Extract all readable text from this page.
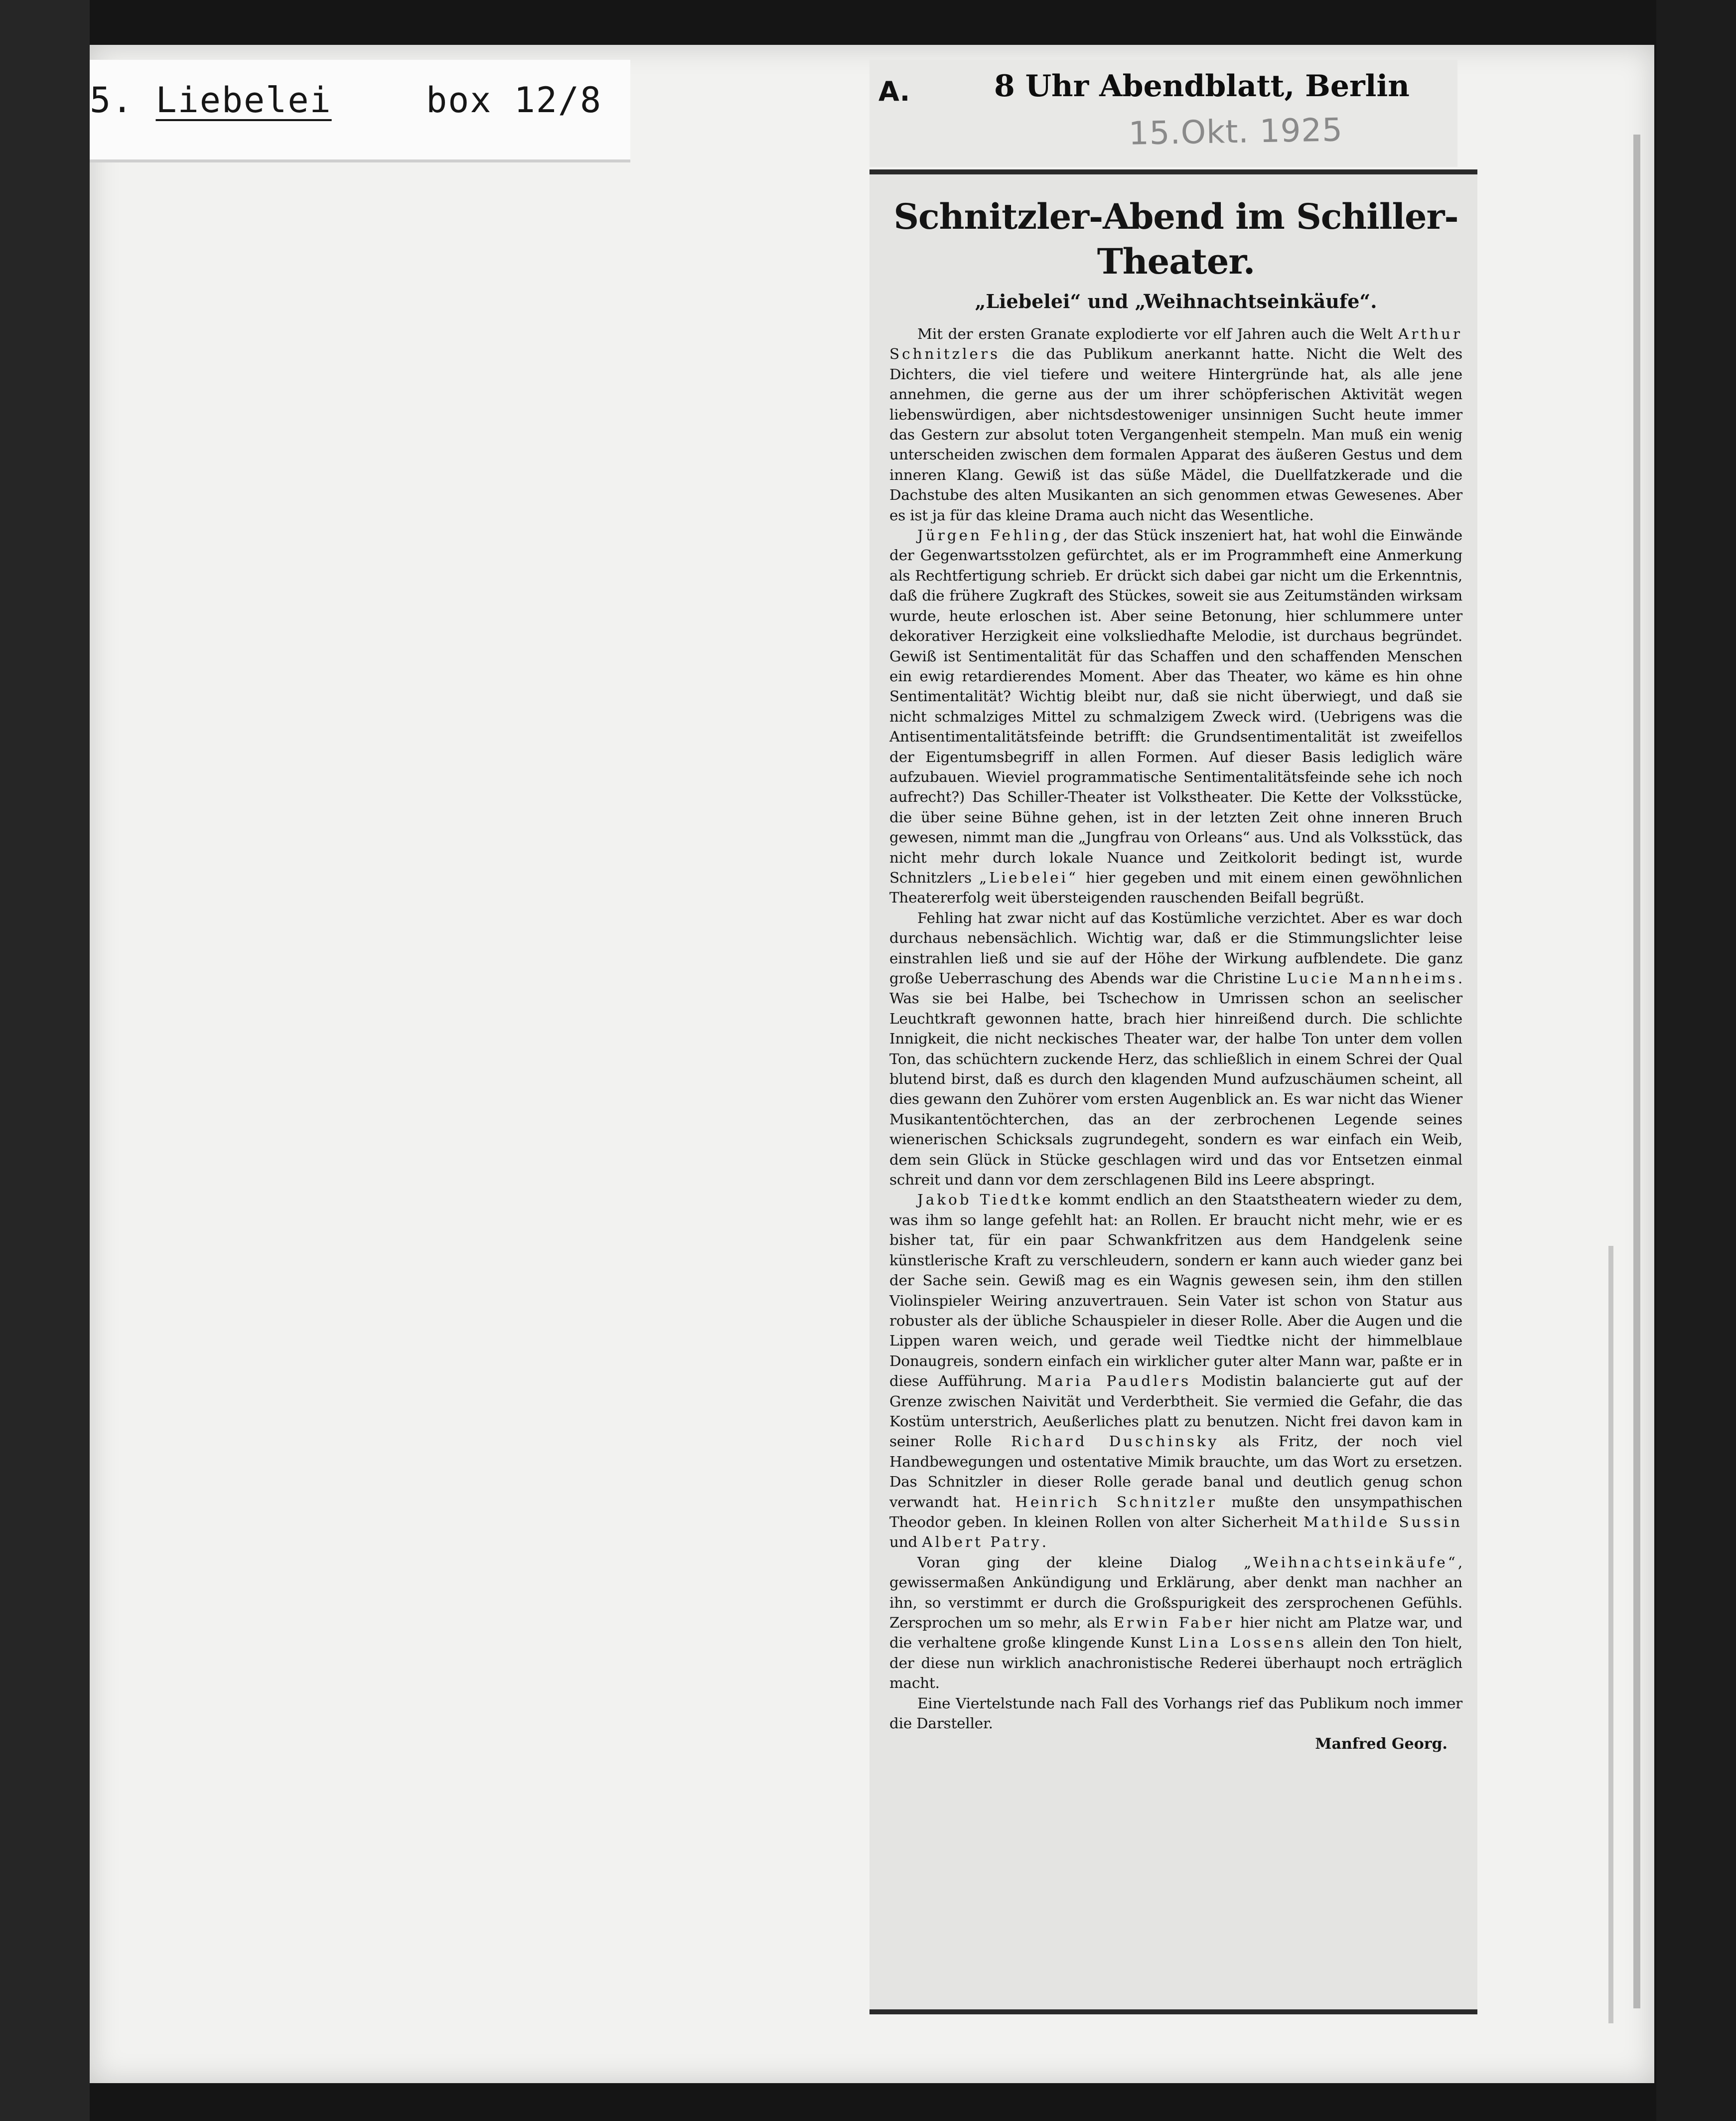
5. Liebelei	box 12/8	A.	8 Uhr Abendblatt, Berlin
15.Okt. 1925
Schnitzler-Abend im Schiller-Theater.
„Liebelei“ und „Weihnachtseinkäufe“.

Mit der ersten Granate explodierte vor elf Jahren auch die Welt Arthur Schnitzlers die das Publikum anerkannt hatte. Nicht die Welt des Dichters, die viel tiefere und weitere Hintergründe hat, als alle jene annehmen, die gerne aus der um ihrer schöpferischen Aktivität wegen liebenswürdigen, aber nichtsdestoweniger unsinnigen Sucht heute immer das Gestern zur absolut toten Vergangenheit stempeln. Man muß ein wenig unterscheiden zwischen dem formalen Apparat des äußeren Gestus und dem inneren Klang. Gewiß ist das süße Mädel, die Duellfatzkerade und die Dachstube des alten Musikanten an sich genommen etwas Gewesenes. Aber es ist ja für das kleine Drama auch nicht das Wesentliche.

Jürgen Fehling, der das Stück inszeniert hat, hat wohl die Einwände der Gegenwartsstolzen gefürchtet, als er im Programmheft eine Anmerkung als Rechtfertigung schrieb. Er drückt sich dabei gar nicht um die Erkenntnis, daß die frühere Zugkraft des Stückes, soweit sie aus Zeitumständen wirksam wurde, heute erloschen ist. Aber seine Betonung, hier schlummere unter dekorativer Herzigkeit eine volksliedhafte Melodie, ist durchaus begründet. Gewiß ist Sentimentalität für das Schaffen und den schaffenden Menschen ein ewig retardierendes Moment. Aber das Theater, wo käme es hin ohne Sentimentalität? Wichtig bleibt nur, daß sie nicht überwiegt, und daß sie nicht schmalziges Mittel zu schmalzigem Zweck wird. (Uebrigens was die Antisentimentalitätsfeinde betrifft: die Grundsentimentalität ist zweifellos der Eigentumsbegriff in allen Formen. Auf dieser Basis lediglich wäre aufzubauen. Wieviel programmatische Sentimentalitätsfeinde sehe ich noch aufrecht?) Das Schiller-Theater ist Volkstheater. Die Kette der Volksstücke, die über seine Bühne gehen, ist in der letzten Zeit ohne inneren Bruch gewesen, nimmt man die „Jungfrau von Orleans“ aus. Und als Volksstück, das nicht mehr durch lokale Nuance und Zeitkolorit bedingt ist, wurde Schnitzlers „Liebelei“ hier gegeben und mit einem einen gewöhnlichen Theatererfolg weit übersteigenden rauschenden Beifall begrüßt.

Fehling hat zwar nicht auf das Kostümliche verzichtet. Aber es war doch durchaus nebensächlich. Wichtig war, daß er die Stimmungslichter leise einstrahlen ließ und sie auf der Höhe der Wirkung aufblendete. Die ganz große Ueberraschung des Abends war die Christine Lucie Mannheims. Was sie bei Halbe, bei Tschechow in Umrissen schon an seelischer Leuchtkraft gewonnen hatte, brach hier hinreißend durch. Die schlichte Innigkeit, die nicht neckisches Theater war, der halbe Ton unter dem vollen Ton, das schüchtern zuckende Herz, das schließlich in einem Schrei der Qual blutend birst, daß es durch den klagenden Mund aufzuschäumen scheint, all dies gewann den Zuhörer vom ersten Augenblick an. Es war nicht das Wiener Musikantentöchterchen, das an der zerbrochenen Legende seines wienerischen Schicksals zugrundegeht, sondern es war einfach ein Weib, dem sein Glück in Stücke geschlagen wird und das vor Entsetzen einmal schreit und dann vor dem zerschlagenen Bild ins Leere abspringt.

Jakob Tiedtke kommt endlich an den Staatstheatern wieder zu dem, was ihm so lange gefehlt hat: an Rollen. Er braucht nicht mehr, wie er es bisher tat, für ein paar Schwankfritzen aus dem Handgelenk seine künstlerische Kraft zu verschleudern, sondern er kann auch wieder ganz bei der Sache sein. Gewiß mag es ein Wagnis gewesen sein, ihm den stillen Violinspieler Weiring anzuvertrauen. Sein Vater ist schon von Statur aus robuster als der übliche Schauspieler in dieser Rolle. Aber die Augen und die Lippen waren weich, und gerade weil Tiedtke nicht der himmelblaue Donaugreis, sondern einfach ein wirklicher guter alter Mann war, paßte er in diese Aufführung. Maria Paudlers Modistin balancierte gut auf der Grenze zwischen Naivität und Verderbtheit. Sie vermied die Gefahr, die das Kostüm unterstrich, Aeußerliches platt zu benutzen. Nicht frei davon kam in seiner Rolle Richard Duschinsky als Fritz, der noch viel Handbewegungen und ostentative Mimik brauchte, um das Wort zu ersetzen. Das Schnitzler in dieser Rolle gerade banal und deutlich genug schon verwandt hat. Heinrich Schnitzler mußte den unsympathischen Theodor geben. In kleinen Rollen von alter Sicherheit Mathilde Sussin und Albert Patry.

Voran ging der kleine Dialog „Weihnachtseinkäufe“, gewissermaßen Ankündigung und Erklärung, aber denkt man nachher an ihn, so verstimmt er durch die Großspurigkeit des zersprochenen Gefühls. Zersprochen um so mehr, als Erwin Faber hier nicht am Platze war, und die verhaltene große klingende Kunst Lina Lossens allein den Ton hielt, der diese nun wirklich anachronistische Rederei überhaupt noch erträglich macht.

Eine Viertelstunde nach Fall des Vorhangs rief das Publikum noch immer die Darsteller.

Manfred Georg.
